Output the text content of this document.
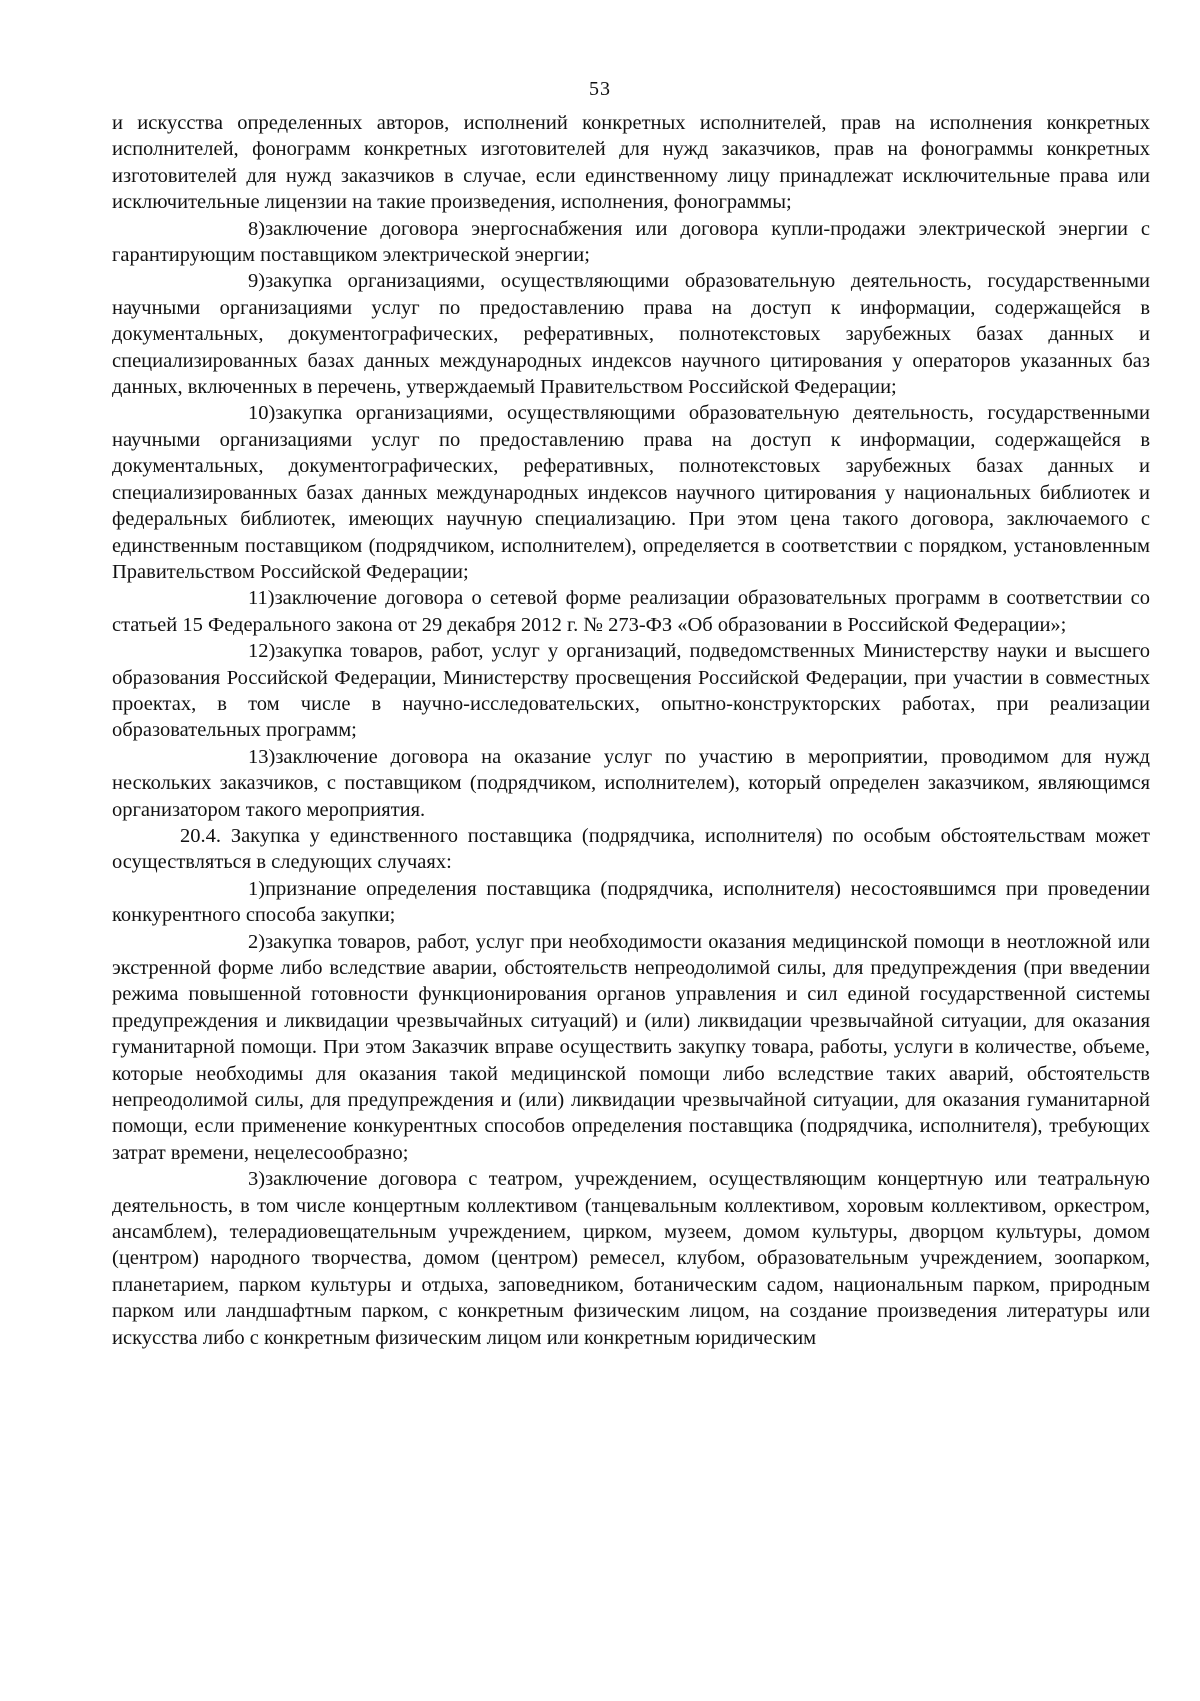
53

и искусства определенных авторов, исполнений конкретных исполнителей, прав на исполнения конкретных исполнителей, фонограмм конкретных изготовителей для нужд заказчиков, прав на фонограммы конкретных изготовителей для нужд заказчиков в случае, если единственному лицу принадлежат исключительные права или исключительные лицензии на такие произведения, исполнения, фонограммы;

8)заключение договора энергоснабжения или договора купли-продажи электрической энергии с гарантирующим поставщиком электрической энергии;

9)закупка организациями, осуществляющими образовательную деятельность, государственными научными организациями услуг по предоставлению права на доступ к информации, содержащейся в документальных, документографических, реферативных, полнотекстовых зарубежных базах данных и специализированных базах данных международных индексов научного цитирования у операторов указанных баз данных, включенных в перечень, утверждаемый Правительством Российской Федерации;

10)закупка организациями, осуществляющими образовательную деятельность, государственными научными организациями услуг по предоставлению права на доступ к информации, содержащейся в документальных, документографических, реферативных, полнотекстовых зарубежных базах данных и специализированных базах данных международных индексов научного цитирования у национальных библиотек и федеральных библиотек, имеющих научную специализацию. При этом цена такого договора, заключаемого с единственным поставщиком (подрядчиком, исполнителем), определяется в соответствии с порядком, установленным Правительством Российской Федерации;

11)заключение договора о сетевой форме реализации образовательных программ в соответствии со статьей 15 Федерального закона от 29 декабря 2012 г. № 273-ФЗ «Об образовании в Российской Федерации»;

12)закупка товаров, работ, услуг у организаций, подведомственных Министерству науки и высшего образования Российской Федерации, Министерству просвещения Российской Федерации, при участии в совместных проектах, в том числе в научно-исследовательских, опытно-конструкторских работах, при реализации образовательных программ;

13)заключение договора на оказание услуг по участию в мероприятии, проводимом для нужд нескольких заказчиков, с поставщиком (подрядчиком, исполнителем), который определен заказчиком, являющимся организатором такого мероприятия.

20.4. Закупка у единственного поставщика (подрядчика, исполнителя) по особым обстоятельствам может осуществляться в следующих случаях:

1)признание определения поставщика (подрядчика, исполнителя) несостоявшимся при проведении конкурентного способа закупки;

2)закупка товаров, работ, услуг при необходимости оказания медицинской помощи в неотложной или экстренной форме либо вследствие аварии, обстоятельств непреодолимой силы, для предупреждения (при введении режима повышенной готовности функционирования органов управления и сил единой государственной системы предупреждения и ликвидации чрезвычайных ситуаций) и (или) ликвидации чрезвычайной ситуации, для оказания гуманитарной помощи. При этом Заказчик вправе осуществить закупку товара, работы, услуги в количестве, объеме, которые необходимы для оказания такой медицинской помощи либо вследствие таких аварий, обстоятельств непреодолимой силы, для предупреждения и (или) ликвидации чрезвычайной ситуации, для оказания гуманитарной помощи, если применение конкурентных способов определения поставщика (подрядчика, исполнителя), требующих затрат времени, нецелесообразно;

3)заключение договора с театром, учреждением, осуществляющим концертную или театральную деятельность, в том числе концертным коллективом (танцевальным коллективом, хоровым коллективом, оркестром, ансамблем), телерадиовещательным учреждением, цирком, музеем, домом культуры, дворцом культуры, домом (центром) народного творчества, домом (центром) ремесел, клубом, образовательным учреждением, зоопарком, планетарием, парком культуры и отдыха, заповедником, ботаническим садом, национальным парком, природным парком или ландшафтным парком, с конкретным физическим лицом, на создание произведения литературы или искусства либо с конкретным физическим лицом или конкретным юридическим
